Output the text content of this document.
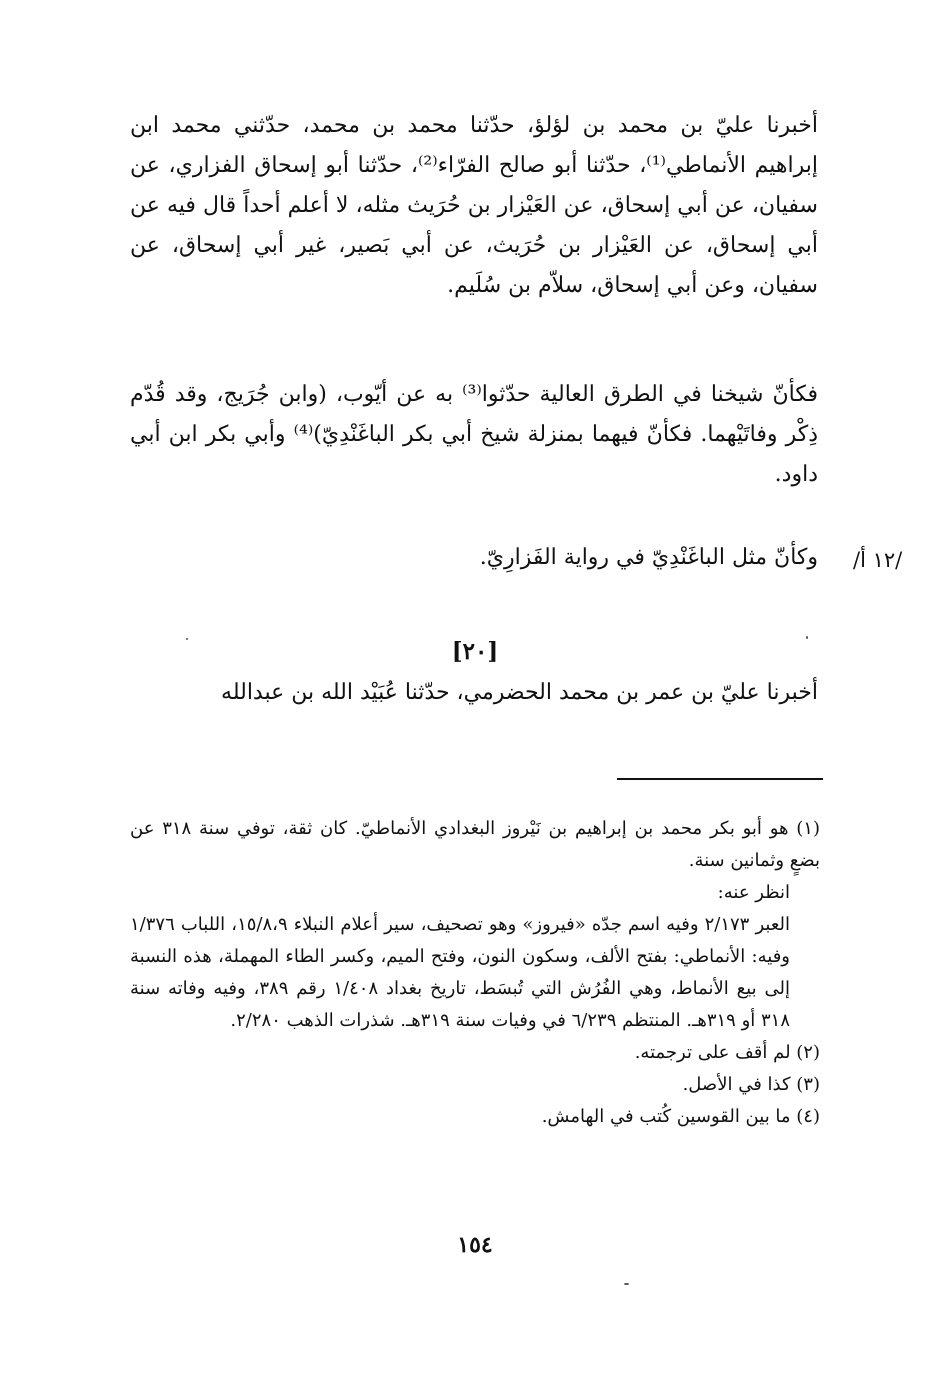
أخبرنا عليّ بن محمد بن لؤلؤ، حدّثنا محمد بن محمد، حدّثني محمد ابن إبراهيم الأنماطي⁽¹⁾، حدّثنا أبو صالح الفرّاء⁽²⁾، حدّثنا أبو إسحاق الفزاري، عن سفيان، عن أبي إسحاق، عن العَيْزار بن حُرَيث مثله، لا أعلم أحداً قال فيه عن أبي إسحاق، عن العَيْزار بن حُرَيث، عن أبي بَصير، غير أبي إسحاق، عن سفيان، وعن أبي إسحاق، سلاّم بن سُلَيم.
فكأنّ شيخنا في الطرق العالية حدّثوا⁽³⁾ به عن أيّوب، (وابن جُرَيج، وقد قُدّم ذِكْر وفاتَيْهما. فكأنّ فيهما بمنزلة شيخ أبي بكر الباغَنْدِيّ)⁽⁴⁾ وأبي بكر ابن أبي داود.
/١٢ أ/
وكأنّ مثل الباغَنْدِيّ في رواية الفَزارِيّ.
[٢٠]
أخبرنا عليّ بن عمر بن محمد الحضرمي، حدّثنا عُبَيْد الله بن عبدالله

(١) هو أبو بكر محمد بن إبراهيم بن نَيْروز البغدادي الأنماطيّ. كان ثقة، توفي سنة ٣١٨ عن بضعٍ وثمانين سنة.

انظر عنه:

العبر ٢/١٧٣ وفيه اسم جدّه «فيروز» وهو تصحيف، سير أعلام النبلاء ١٥/٨،٩، اللباب ١/٣٧٦ وفيه: الأنماطي: بفتح الألف، وسكون النون، وفتح الميم، وكسر الطاء المهملة، هذه النسبة إلى بيع الأنماط، وهي الفُرُش التي تُبسَط، تاريخ بغداد ١/٤٠٨ رقم ٣٨٩، وفيه وفاته سنة ٣١٨ أو ٣١٩هـ. المنتظم ٦/٢٣٩ في وفيات سنة ٣١٩هـ. شذرات الذهب ٢/٢٨٠.

(٢) لم أقف على ترجمته.

(٣) كذا في الأصل.

(٤) ما بين القوسين كُتب في الهامش.

١٥٤
